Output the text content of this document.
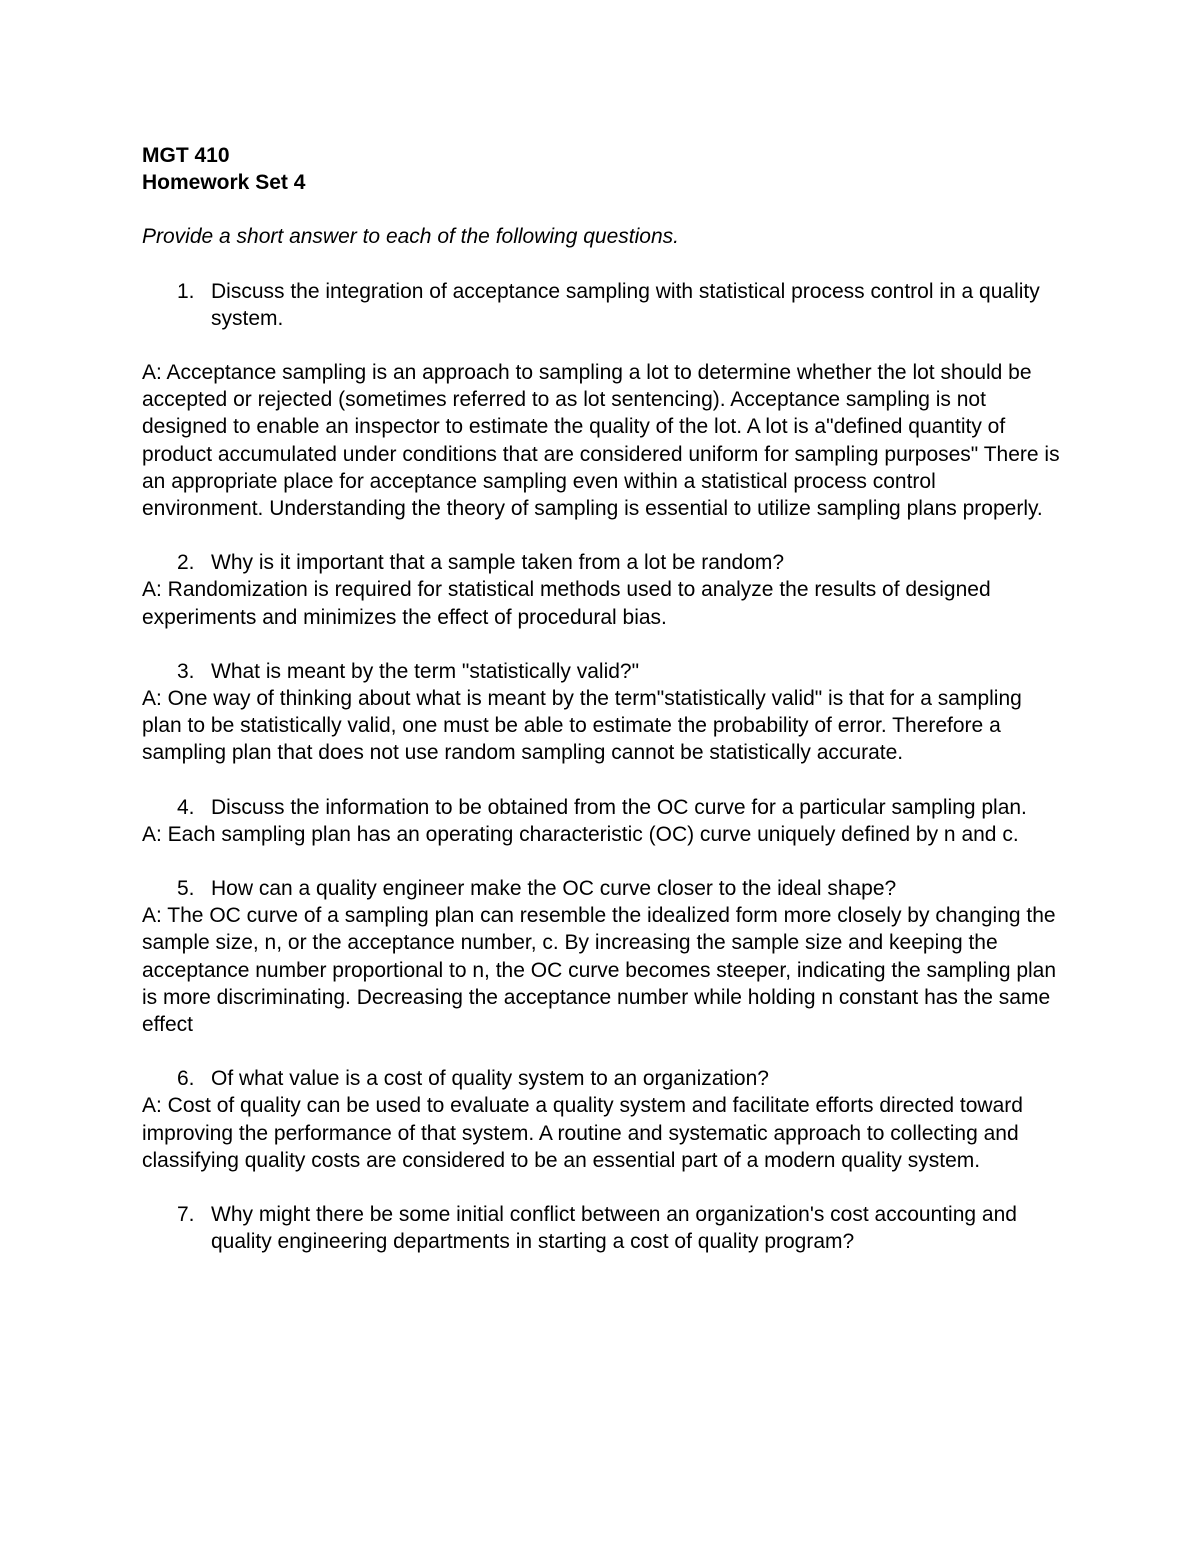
MGT 410

Homework Set 4

Provide a short answer to each of the following questions.

1. Discuss the integration of acceptance sampling with statistical process control in a quality system.

A: Acceptance sampling is an approach to sampling a lot to determine whether the lot should be accepted or rejected (sometimes referred to as lot sentencing). Acceptance sampling is not designed to enable an inspector to estimate the quality of the lot. A lot is a"defined quantity of product accumulated under conditions that are considered uniform for sampling purposes" There is an appropriate place for acceptance sampling even within a statistical process control environment. Understanding the theory of sampling is essential to utilize sampling plans properly.

2. Why is it important that a sample taken from a lot be random?

A: Randomization is required for statistical methods used to analyze the results of designed experiments and minimizes the effect of procedural bias.

3. What is meant by the term "statistically valid?"

A: One way of thinking about what is meant by the term"statistically valid" is that for a sampling plan to be statistically valid, one must be able to estimate the probability of error. Therefore a sampling plan that does not use random sampling cannot be statistically accurate.

4. Discuss the information to be obtained from the OC curve for a particular sampling plan.

A: Each sampling plan has an operating characteristic (OC) curve uniquely defined by n and c.

5. How can a quality engineer make the OC curve closer to the ideal shape?

A: The OC curve of a sampling plan can resemble the idealized form more closely by changing the sample size, n, or the acceptance number, c. By increasing the sample size and keeping the acceptance number proportional to n, the OC curve becomes steeper, indicating the sampling plan is more discriminating. Decreasing the acceptance number while holding n constant has the same effect

6. Of what value is a cost of quality system to an organization?

A: Cost of quality can be used to evaluate a quality system and facilitate efforts directed toward improving the performance of that system. A routine and systematic approach to collecting and classifying quality costs are considered to be an essential part of a modern quality system.

7. Why might there be some initial conflict between an organization's cost accounting and quality engineering departments in starting a cost of quality program?
